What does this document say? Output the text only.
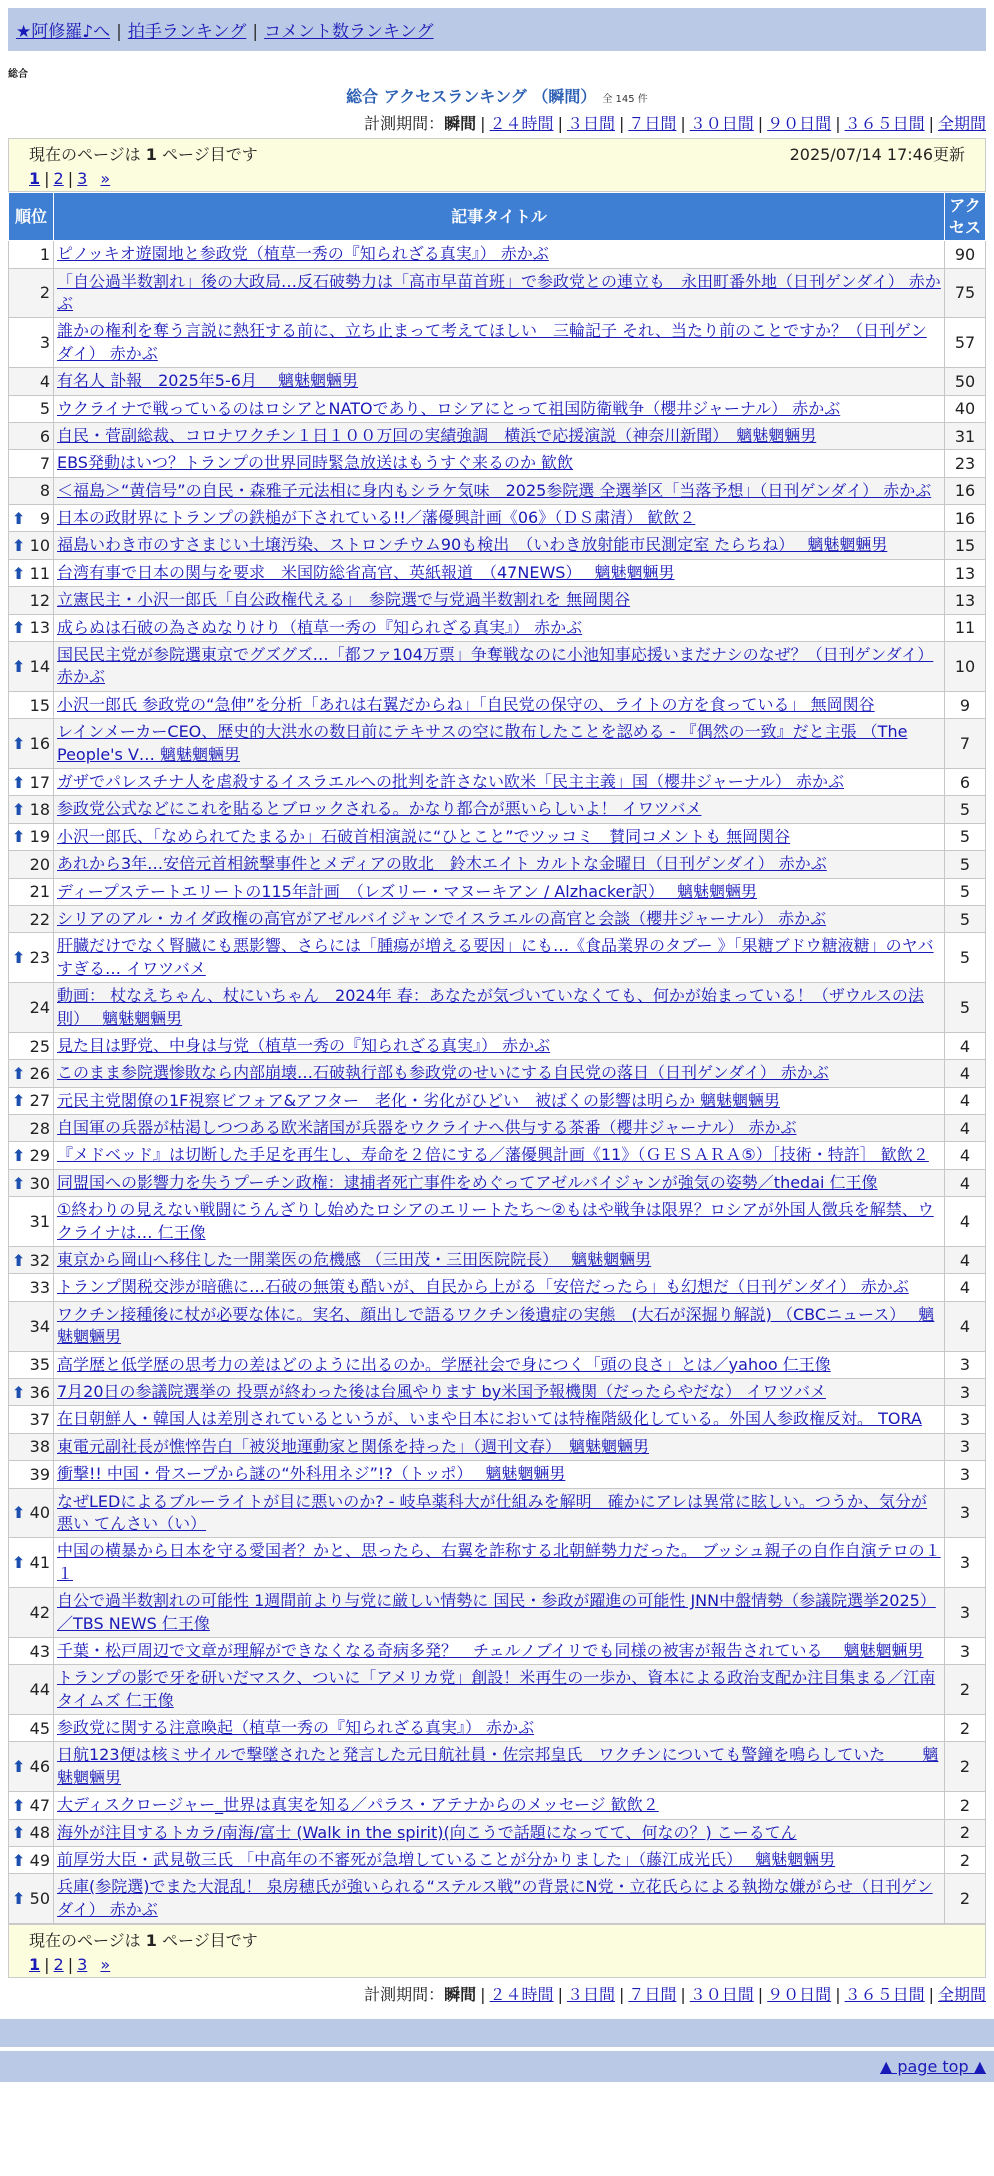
★阿修羅♪へ | 拍手ランキング | コメント数ランキング
総合
総合 アクセスランキング （瞬間） 全 145 件
計測期間：瞬間 | ２４時間 | ３日間 | ７日間 | ３０日間 | ９０日間 | ３６５日間 | 全期間
現在のページは 1 ページ目です	2025/07/14 17:46更新
1 | 2 | 3 »
順位	記事タイトル	アクセス
1	ピノッキオ遊園地と参政党（植草一秀の『知られざる真実』） 赤かぶ	90
2	「自公過半数割れ」後の大政局…反石破勢力は「高市早苗首班」で参政党との連立も　永田町番外地（日刊ゲンダイ） 赤かぶ	75
3	誰かの権利を奪う言説に熱狂する前に、立ち止まって考えてほしい　三輪記子 それ、当たり前のことですか？（日刊ゲンダイ） 赤かぶ	57
4	有名人 訃報　2025年5-6月　 魑魅魍魎男	50
5	ウクライナで戦っているのはロシアとNATOであり、ロシアにとって祖国防衛戦争（櫻井ジャーナル） 赤かぶ	40
6	自民・菅副総裁、コロナワクチン１日１００万回の実績強調　横浜で応援演説（神奈川新聞）　魑魅魍魎男	31
7	EBS発動はいつ？トランプの世界同時緊急放送はもうすぐ来るのか 歓飲	23
8	＜福島＞“黄信号”の自民・森雅子元法相に身内もシラケ気味　2025参院選 全選挙区「当落予想」（日刊ゲンダイ） 赤かぶ	16

⬆ 9	日本の政財界にトランプの鉄槌が下されている!!／藩優興計画《06》（ＤＳ粛清） 歓飲２	16

⬆ 10	福島いわき市のすさまじい土壌汚染、ストロンチウム90も検出　（いわき放射能市民測定室 たらちね）　 魑魅魍魎男	15

⬆ 11	台湾有事で日本の関与を要求　米国防総省高官、英紙報道　（47NEWS）　 魑魅魍魎男	13
12	立憲民主・小沢一郎氏「自公政権代える」　参院選で与党過半数割れを 無岡関谷	13

⬆ 13	成らぬは石破の為さぬなりけり（植草一秀の『知られざる真実』） 赤かぶ	11

⬆ 14	国民民主党が参院選東京でグズグズ…「都ファ104万票」争奪戦なのに小池知事応援いまだナシのなぜ？（日刊ゲンダイ） 赤かぶ	10
15	小沢一郎氏 参政党の“急伸”を分析「あれは右翼だからね」「自民党の保守の、ライトの方を食っている」 無岡関谷	9

⬆ 16	レインメーカーCEO、歴史的大洪水の数日前にテキサスの空に散布したことを認める - 『偶然の一致』だと主張 （The People's V… 魑魅魍魎男	7

⬆ 17	ガザでパレスチナ人を虐殺するイスラエルへの批判を許さない欧米「民主主義」国（櫻井ジャーナル） 赤かぶ	6

⬆ 18	参政党公式などにこれを貼るとブロックされる。かなり都合が悪いらしいよ！ イワツバメ	5

⬆ 19	小沢一郎氏、「なめられてたまるか」石破首相演説に“ひとこと”でツッコミ　賛同コメントも 無岡関谷	5
20	あれから3年…安倍元首相銃撃事件とメディアの敗北　鈴木エイト カルトな金曜日（日刊ゲンダイ） 赤かぶ	5
21	ディープステートエリートの115年計画　（レズリー・マヌーキアン / Alzhacker訳）　 魑魅魍魎男	5
22	シリアのアル・カイダ政権の高官がアゼルバイジャンでイスラエルの高官と会談（櫻井ジャーナル） 赤かぶ	5

⬆ 23	肝臓だけでなく腎臓にも悪影響、さらには「腫瘍が増える要因」にも…《食品業界のタブー 》「果糖ブドウ糖液糖」のヤバすぎる… イワツバメ	5
24	動画： 杖なえちゃん、杖にいちゃん　2024年 春：あなたが気づいていなくても、何かが始まっている！（ザウルスの法則）　 魑魅魍魎男	5
25	見た目は野党、中身は与党（植草一秀の『知られざる真実』） 赤かぶ	4

⬆ 26	このまま参院選惨敗なら内部崩壊…石破執行部も参政党のせいにする自民党の落日（日刊ゲンダイ） 赤かぶ	4

⬆ 27	元民主党閣僚の1F視察ビフォア&アフター　老化・劣化がひどい　被ばくの影響は明らか 魑魅魍魎男	4
28	自国軍の兵器が枯渇しつつある欧米諸国が兵器をウクライナへ供与する茶番（櫻井ジャーナル） 赤かぶ	4

⬆ 29	『メドベッド』は切断した手足を再生し、寿命を２倍にする／藩優興計画《11》（ＧＥＳＡＲＡ⑤）［技術・特許］ 歓飲２	4

⬆ 30	同盟国への影響力を失うプーチン政権：逮捕者死亡事件をめぐってアゼルバイジャンが強気の姿勢／thedai 仁王像	4
31	①終わりの見えない戦闘にうんざりし始めたロシアのエリートたち～②もはや戦争は限界？ロシアが外国人徴兵を解禁、ウクライナは… 仁王像	4

⬆ 32	東京から岡山へ移住した一開業医の危機感 （三田茂・三田医院院長）　 魑魅魍魎男	4
33	トランプ関税交渉が暗礁に…石破の無策も酷いが、自民から上がる「安倍だったら」も幻想だ（日刊ゲンダイ） 赤かぶ	4
34	ワクチン接種後に杖が必要な体に。実名、顔出しで語るワクチン後遺症の実態　(大石が深掘り解説) （CBCニュース）　 魑魅魍魎男	4
35	高学歴と低学歴の思考力の差はどのように出るのか。学歴社会で身につく「頭の良さ」とは／yahoo 仁王像	3

⬆ 36	7月20日の参議院選挙の 投票が終わった後は台風やります by米国予報機関（だったらやだな） イワツバメ	3
37	在日朝鮮人・韓国人は差別されているというが、いまや日本においては特権階級化している。外国人参政権反対。 TORA	3
38	東電元副社長が憔悴告白「被災地運動家と関係を持った」（週刊文春）　魑魅魍魎男	3
39	衝撃!! 中国・骨スープから謎の“外科用ネジ”!?（トッポ）　 魑魅魍魎男	3

⬆ 40	なぜLEDによるブルーライトが目に悪いのか? - 岐阜薬科大が仕組みを解明　確かにアレは異常に眩しい。つうか、気分が悪い てんさい（い）	3

⬆ 41	中国の横暴から日本を守る愛国者？かと、思ったら、右翼を詐称する北朝鮮勢力だった。 ブッシュ親子の自作自演テロの１１	3
42	自公で過半数割れの可能性 1週間前より与党に厳しい情勢に 国民・参政が躍進の可能性 JNN中盤情勢（参議院選挙2025）／TBS NEWS 仁王像	3
43	千葉・松戸周辺で文章が理解ができなくなる奇病多発？　チェルノブイリでも同様の被害が報告されている　 魑魅魍魎男	3
44	トランプの影で牙を研いだマスク、ついに「アメリカ党」創設！米再生の一歩か、資本による政治支配か注目集まる／江南タイムズ 仁王像	2
45	参政党に関する注意喚起（植草一秀の『知られざる真実』） 赤かぶ	2

⬆ 46	日航123便は核ミサイルで撃墜されたと発言した元日航社員・佐宗邦皇氏　ワクチンについても警鐘を鳴らしていた　　 魑魅魍魎男	2

⬆ 47	大ディスクロージャー_世界は真実を知る／パラス・アテナからのメッセージ 歓飲２	2

⬆ 48	海外が注目するトカラ/南海/富士 (Walk in the spirit)(向こうで話題になってて、何なの？) こーるてん	2

⬆ 49	前厚労大臣・武見敬三氏 「中高年の不審死が急増していることが分かりました」（藤江成光氏）　 魑魅魍魎男	2

⬆ 50	兵庫(参院選)でまた大混乱！ 泉房穂氏が強いられる“ステルス戦”の背景にN党・立花氏らによる執拗な嫌がらせ（日刊ゲンダイ） 赤かぶ	2
現在のページは 1 ページ目です
1 | 2 | 3 »
計測期間：瞬間 | ２４時間 | ３日間 | ７日間 | ３０日間 | ９０日間 | ３６５日間 | 全期間
▲ page top ▲
